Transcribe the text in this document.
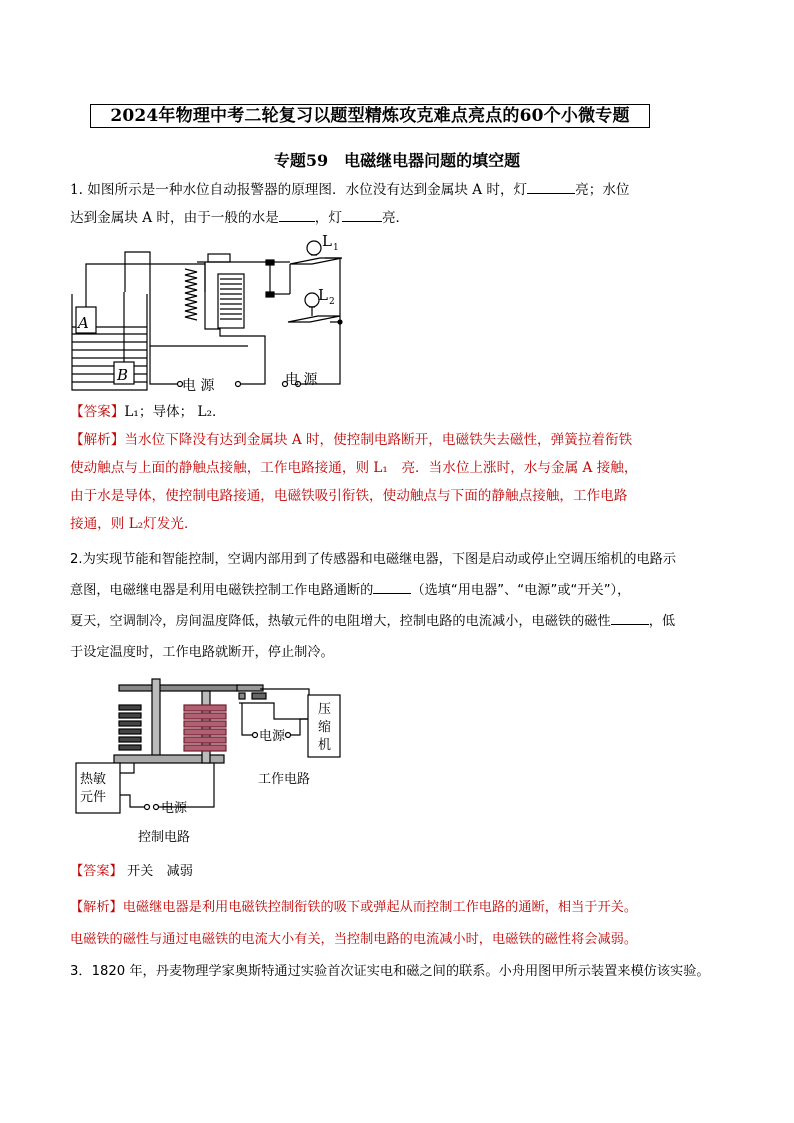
2024年物理中考二轮复习以题型精炼攻克难点亮点的60个小微专题
专题59　电磁继电器问题的填空题
1. 如图所示是一种水位自动报警器的原理图．水位没有达到金属块 A 时，灯	亮；水位
达到金属块 A 时，由于一般的水是	，灯	亮．
A
B
L 1
L 2
电 源	电 源
【答案】L₁；导体； L₂．
【解析】当水位下降没有达到金属块 A 时，使控制电路断开，电磁铁失去磁性，弹簧拉着衔铁
使动触点与上面的静触点接触，工作电路接通，则 L₁　亮．当水位上涨时，水与金属 A 接触，
由于水是导体，使控制电路接通，电磁铁吸引衔铁，使动触点与下面的静触点接触，工作电路
接通，则 L₂灯发光．
2.为实现节能和智能控制，空调内部用到了传感器和电磁继电器，下图是启动或停止空调压缩机的电路示
意图，电磁继电器是利用电磁铁控制工作电路通断的	（选填“用电器”、“电源”或“开关”），
夏天，空调制冷，房间温度降低，热敏元件的电阻增大，控制电路的电流减小，电磁铁的磁性	，低
于设定温度时，工作电路就断开，停止制冷。
热敏
元件
电源
电源
压
缩
机
工作电路
控制电路
【答案】 开关　减弱
【解析】电磁继电器是利用电磁铁控制衔铁的吸下或弹起从而控制工作电路的通断，相当于开关。
电磁铁的磁性与通过电磁铁的电流大小有关，当控制电路的电流减小时，电磁铁的磁性将会减弱。
3．1820 年，丹麦物理学家奥斯特通过实验首次证实电和磁之间的联系。小舟用图甲所示装置来模仿该实验。
